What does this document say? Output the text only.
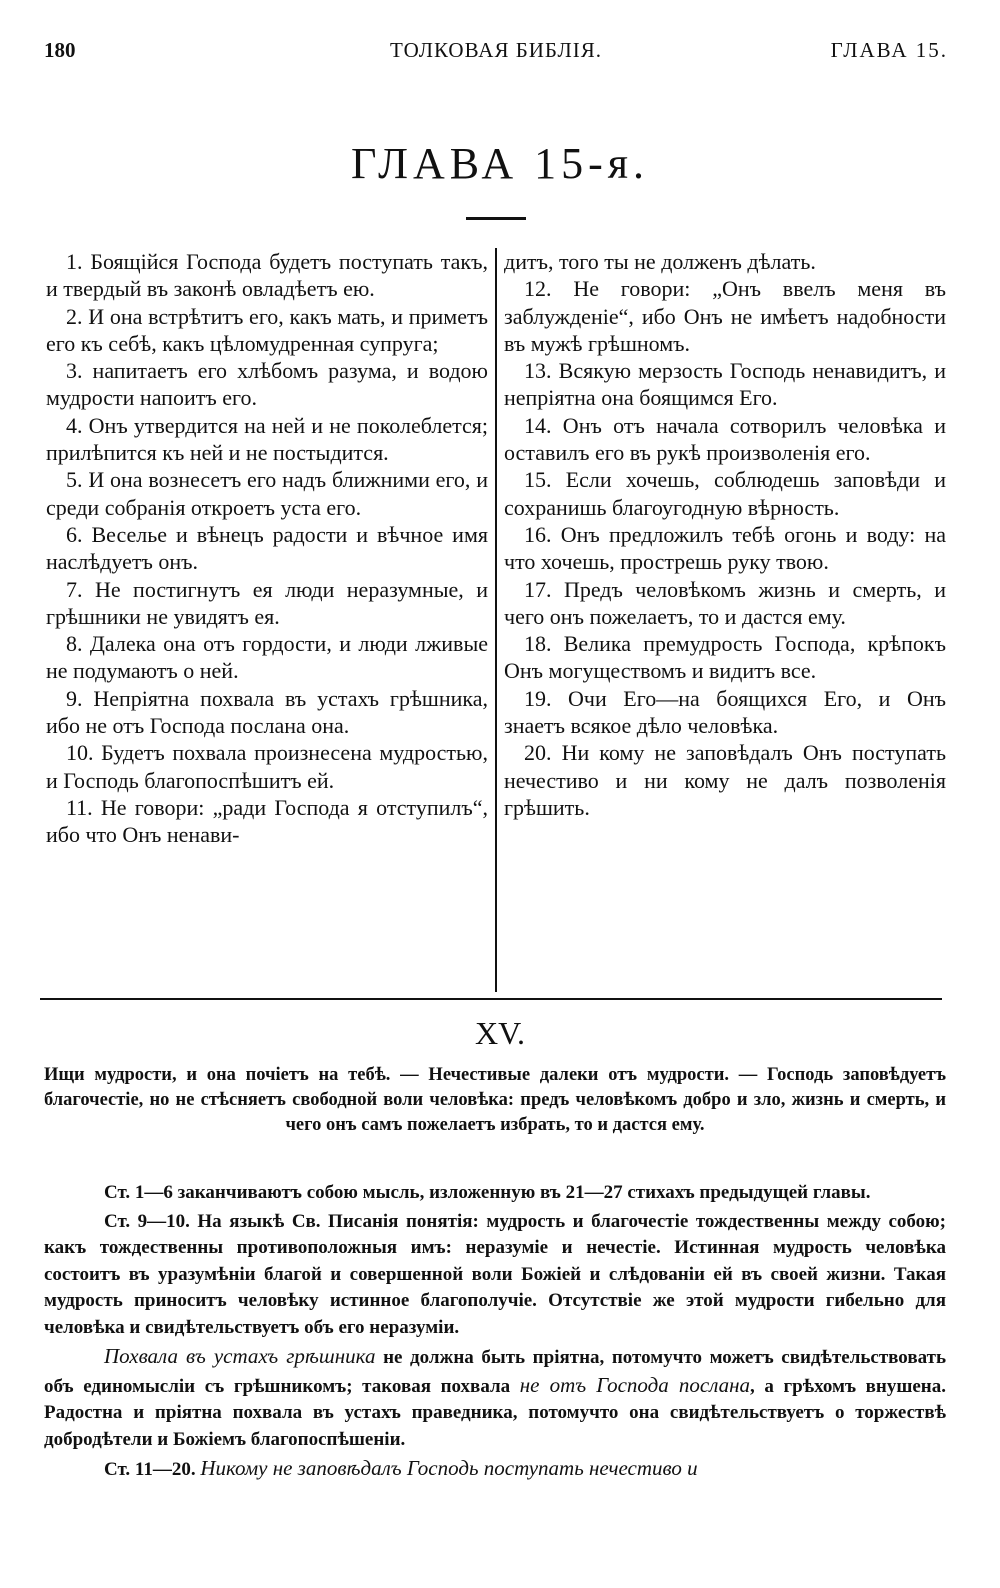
180	ТОЛКОВАЯ БИБЛІЯ.	ГЛАВА 15.
ГЛАВА 15-я.

1. Боящійся Господа будетъ поступать такъ, и твердый въ законѣ овладѣетъ ею.

2. И она встрѣтитъ его, какъ мать, и приметъ его къ себѣ, какъ цѣломудренная супруга;

3. напитаетъ его хлѣбомъ разума, и водою мудрости напоитъ его.

4. Онъ утвердится на ней и не поколеблется; прилѣпится къ ней и не постыдится.

5. И она вознесетъ его надъ ближними его, и среди собранія откроетъ уста его.

6. Веселье и вѣнецъ радости и вѣчное имя наслѣдуетъ онъ.

7. Не постигнутъ ея люди неразумные, и грѣшники не увидятъ ея.

8. Далека она отъ гордости, и люди лживые не подумаютъ о ней.

9. Непріятна похвала въ устахъ грѣшника, ибо не отъ Господа послана она.

10. Будетъ похвала произнесена мудростью, и Господь благопоспѣшитъ ей.

11. Не говори: „ради Господа я отступилъ“, ибо что Онъ ненави-

дитъ, того ты не долженъ дѣлать.

12. Не говори: „Онъ ввелъ меня въ заблужденіе“, ибо Онъ не имѣетъ надобности въ мужѣ грѣшномъ.

13. Всякую мерзость Господь ненавидитъ, и непріятна она боящимся Его.

14. Онъ отъ начала сотворилъ человѣка и оставилъ его въ рукѣ произволенія его.

15. Если хочешь, соблюдешь заповѣди и сохранишь благоугодную вѣрность.

16. Онъ предложилъ тебѣ огонь и воду: на что хочешь, прострешь руку твою.

17. Предъ человѣкомъ жизнь и смерть, и чего онъ пожелаетъ, то и дастся ему.

18. Велика премудрость Господа, крѣпокъ Онъ могуществомъ и видитъ все.

19. Очи Его—на боящихся Его, и Онъ знаетъ всякое дѣло человѣка.

20. Ни кому не заповѣдалъ Онъ поступать нечестиво и ни кому не далъ позволенія грѣшить.

XV.
Ищи мудрости, и она почіетъ на тебѣ. — Нечестивые далеки отъ мудрости. — Господь заповѣдуетъ благочестіе, но не стѣсняетъ свободной воли человѣка: предъ человѣкомъ добро и зло, жизнь и смерть, и чего онъ самъ пожелаетъ избрать, то и дастся ему.

Ст. 1—6 заканчиваютъ собою мысль, изложенную въ 21—27 стихахъ предыдущей главы.

Ст. 9—10. На языкѣ Св. Писанія понятія: мудрость и благочестіе тождественны между собою; какъ тождественны противоположныя имъ: неразуміе и нечестіе. Истинная мудрость человѣка состоитъ въ уразумѣніи благой и совершенной воли Божіей и слѣдованіи ей въ своей жизни. Такая мудрость приноситъ человѣку истинное благополучіе. Отсутствіе же этой мудрости гибельно для человѣка и свидѣтельствуетъ объ его неразуміи.

Похвала въ устахъ грѣшника не должна быть пріятна, потомучто можетъ свидѣтельствовать объ единомысліи съ грѣшникомъ; таковая похвала не отъ Господа послана, а грѣхомъ внушена. Радостна и пріятна похвала въ устахъ праведника, потомучто она свидѣтельствуетъ о торжествѣ добродѣтели и Божіемъ благопоспѣшеніи.

Ст. 11—20. Никому не заповѣдалъ Господь поступать нечестиво и
